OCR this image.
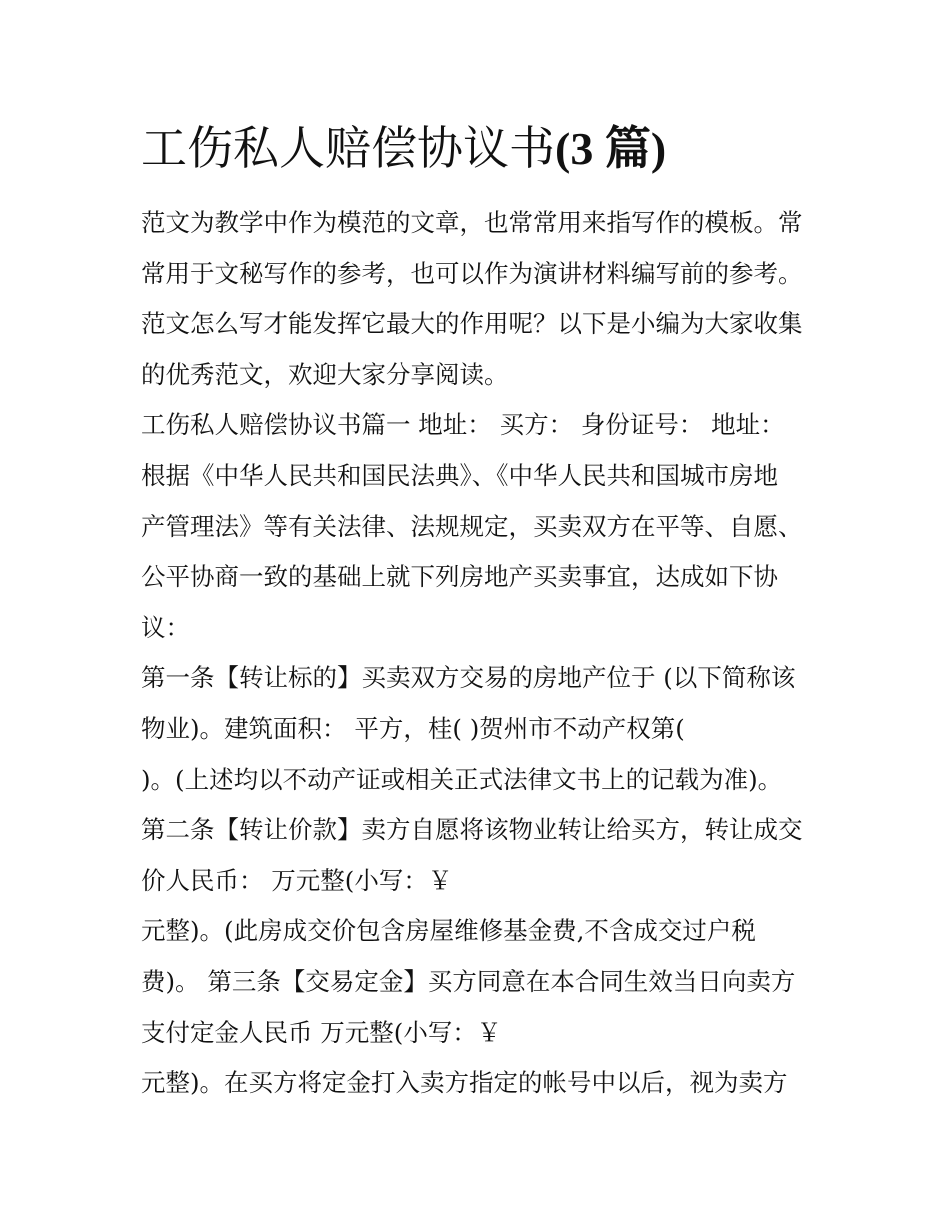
工伤私人赔偿协议书(3 篇)
范文为教学中作为模范的文章，也常常用来指写作的模板。常
常用于文秘写作的参考，也可以作为演讲材料编写前的参考。
范文怎么写才能发挥它最大的作用呢？以下是小编为大家收集
的优秀范文，欢迎大家分享阅读。
工伤私人赔偿协议书篇一 地址： 买方： 身份证号： 地址：
根据《中华人民共和国民法典》、《中华人民共和国城市房地
产管理法》等有关法律、法规规定，买卖双方在平等、自愿、
公平协商一致的基础上就下列房地产买卖事宜，达成如下协
议：
第一条【转让标的】买卖双方交易的房地产位于 (以下简称该
物业)。建筑面积： 平方，桂( )贺州市不动产权第(
)。(上述均以不动产证或相关正式法律文书上的记载为准)。
第二条【转让价款】卖方自愿将该物业转让给买方，转让成交
价人民币： 万元整(小写：￥
元整)。(此房成交价包含房屋维修基金费,不含成交过户税
费)。 第三条【交易定金】买方同意在本合同生效当日向卖方
支付定金人民币 万元整(小写：￥
元整)。在买方将定金打入卖方指定的帐号中以后，视为卖方
